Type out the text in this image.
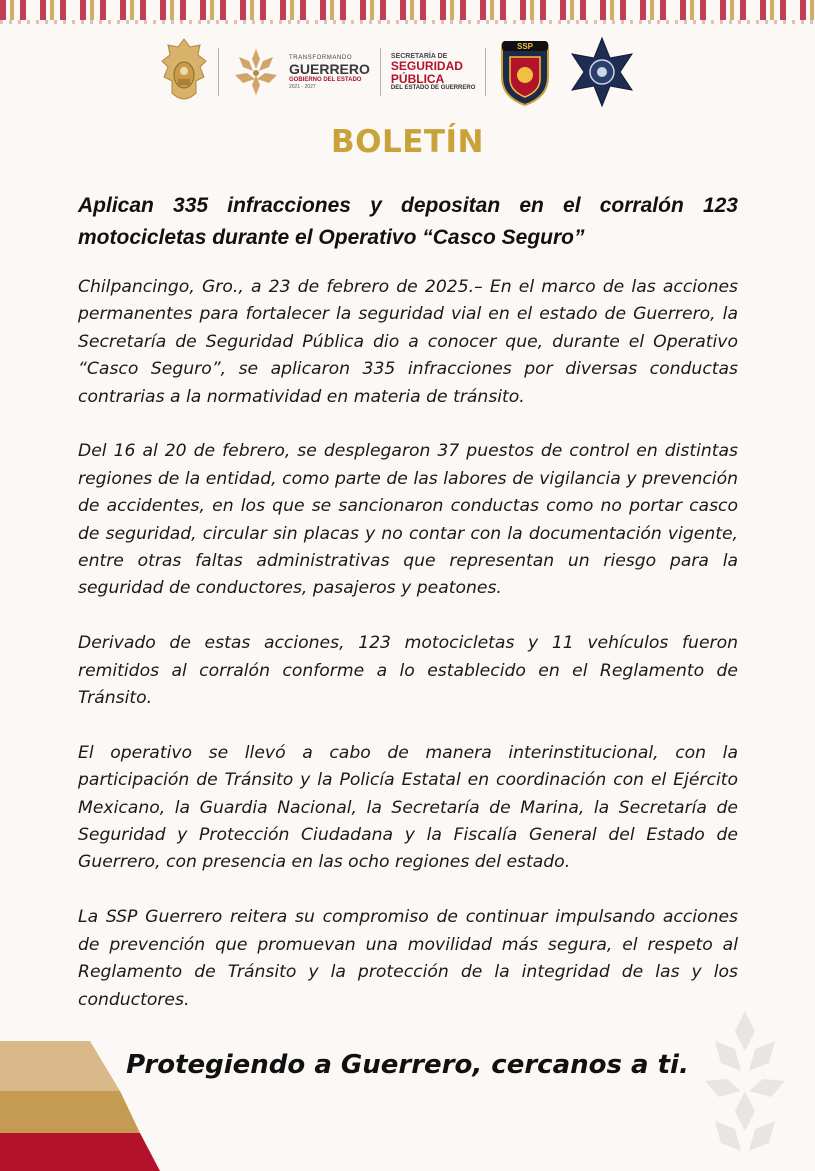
TRANSFORMANDO
GUERRERO
GOBIERNO DEL ESTADO
2021 - 2027
SECRETARÍA DE
SEGURIDAD
PÚBLICA
DEL ESTADO DE GUERRERO
SSP
BOLETÍN
Aplican 335 infracciones y depositan en el corralón 123 motocicletas durante el Operativo “Casco Seguro”

Chilpancingo, Gro., a 23 de febrero de 2025.– En el marco de las acciones permanentes para fortalecer la seguridad vial en el estado de Guerrero, la Secretaría de Seguridad Pública dio a conocer que, durante el Operativo “Casco Seguro”, se aplicaron 335 infracciones por diversas conductas contrarias a la normatividad en materia de tránsito.

Del 16 al 20 de febrero, se desplegaron 37 puestos de control en distintas regiones de la entidad, como parte de las labores de vigilancia y prevención de accidentes, en los que se sancionaron conductas como no portar casco de seguridad, circular sin placas y no contar con la documentación vigente, entre otras faltas administrativas que representan un riesgo para la seguridad de conductores, pasajeros y peatones.

Derivado de estas acciones, 123 motocicletas y 11 vehículos fueron remitidos al corralón conforme a lo establecido en el Reglamento de Tránsito.

El operativo se llevó a cabo de manera interinstitucional, con la participación de Tránsito y la Policía Estatal en coordinación con el Ejército Mexicano, la Guardia Nacional, la Secretaría de Marina, la Secretaría de Seguridad y Protección Ciudadana y la Fiscalía General del Estado de Guerrero, con presencia en las ocho regiones del estado.

La SSP Guerrero reitera su compromiso de continuar impulsando acciones de prevención que promuevan una movilidad más segura, el respeto al Reglamento de Tránsito y la protección de la integridad de las y los conductores.

Protegiendo a Guerrero, cercanos a ti.
